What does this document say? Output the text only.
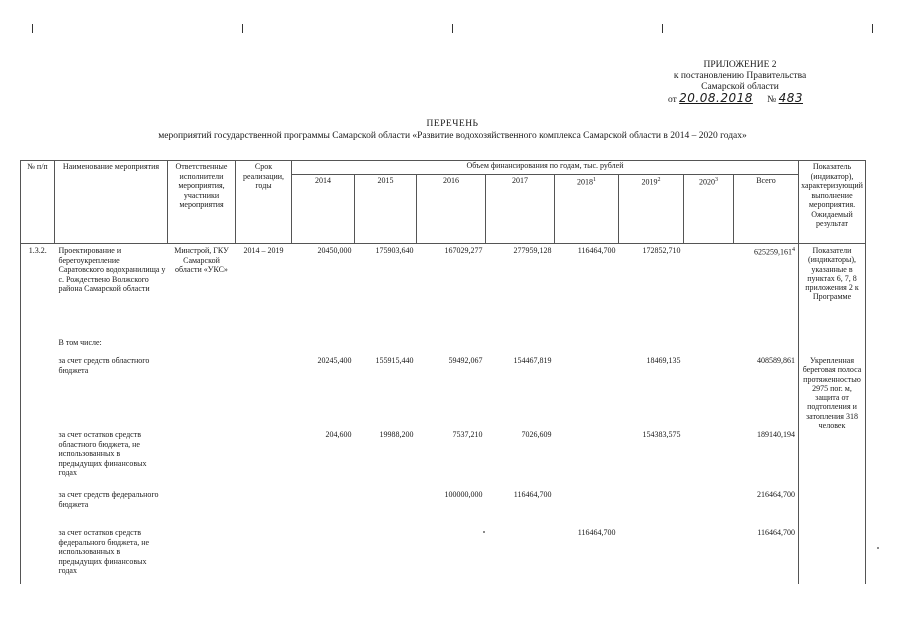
ПРИЛОЖЕНИЕ 2
к постановлению Правительства
Самарской области
от 20.08.2018 № 483
ПЕРЕЧЕНЬ
мероприятий государственной программы Самарской области «Развитие водохозяйственного комплекса Самарской области в 2014 – 2020 годах»
№ п/п	Наименование мероприятия	Ответственные исполнители мероприятия, участники мероприятия	Срок реализации, годы	Объем финансирования по годам, тыс. рублей								Показатель (индикатор), характеризующий выполнение мероприятия. Ожидаемый результат
				2014	2015	2016	2017	2018$^1$	2019$^2$	2020$^3$	Всего	
1.3.2.	Проектирование и берегоукрепление Саратовского водохранилища у с. Рождествено Волжского района Самарской области	Минстрой, ГКУ Самарской области «УКС»	2014 – 2019	20450,000	175903,640	167029,277	277959,128	116464,700	172852,710		625259,161$^4$	Показатели (индикаторы), указанные в пунктах 6, 7, 8 приложения 2 к Программе
	В том числе:											
	за счет средств областного бюджета			20245,400	155915,440	59492,067	154467,819		18469,135		408589,861	Укрепленная береговая полоса протяженностью 2975 пог. м, защита от подтопления и затопления 318 человек
	за счет остатков средств областного бюджета, не использованных в предыдущих финансовых годах			204,600	19988,200	7537,210	7026,609		154383,575		189140,194	
	за счет средств федерального бюджета					100000,000	116464,700				216464,700	
	за счет остатков средств федерального бюджета, не использованных в предыдущих финансовых годах							116464,700			116464,700	
